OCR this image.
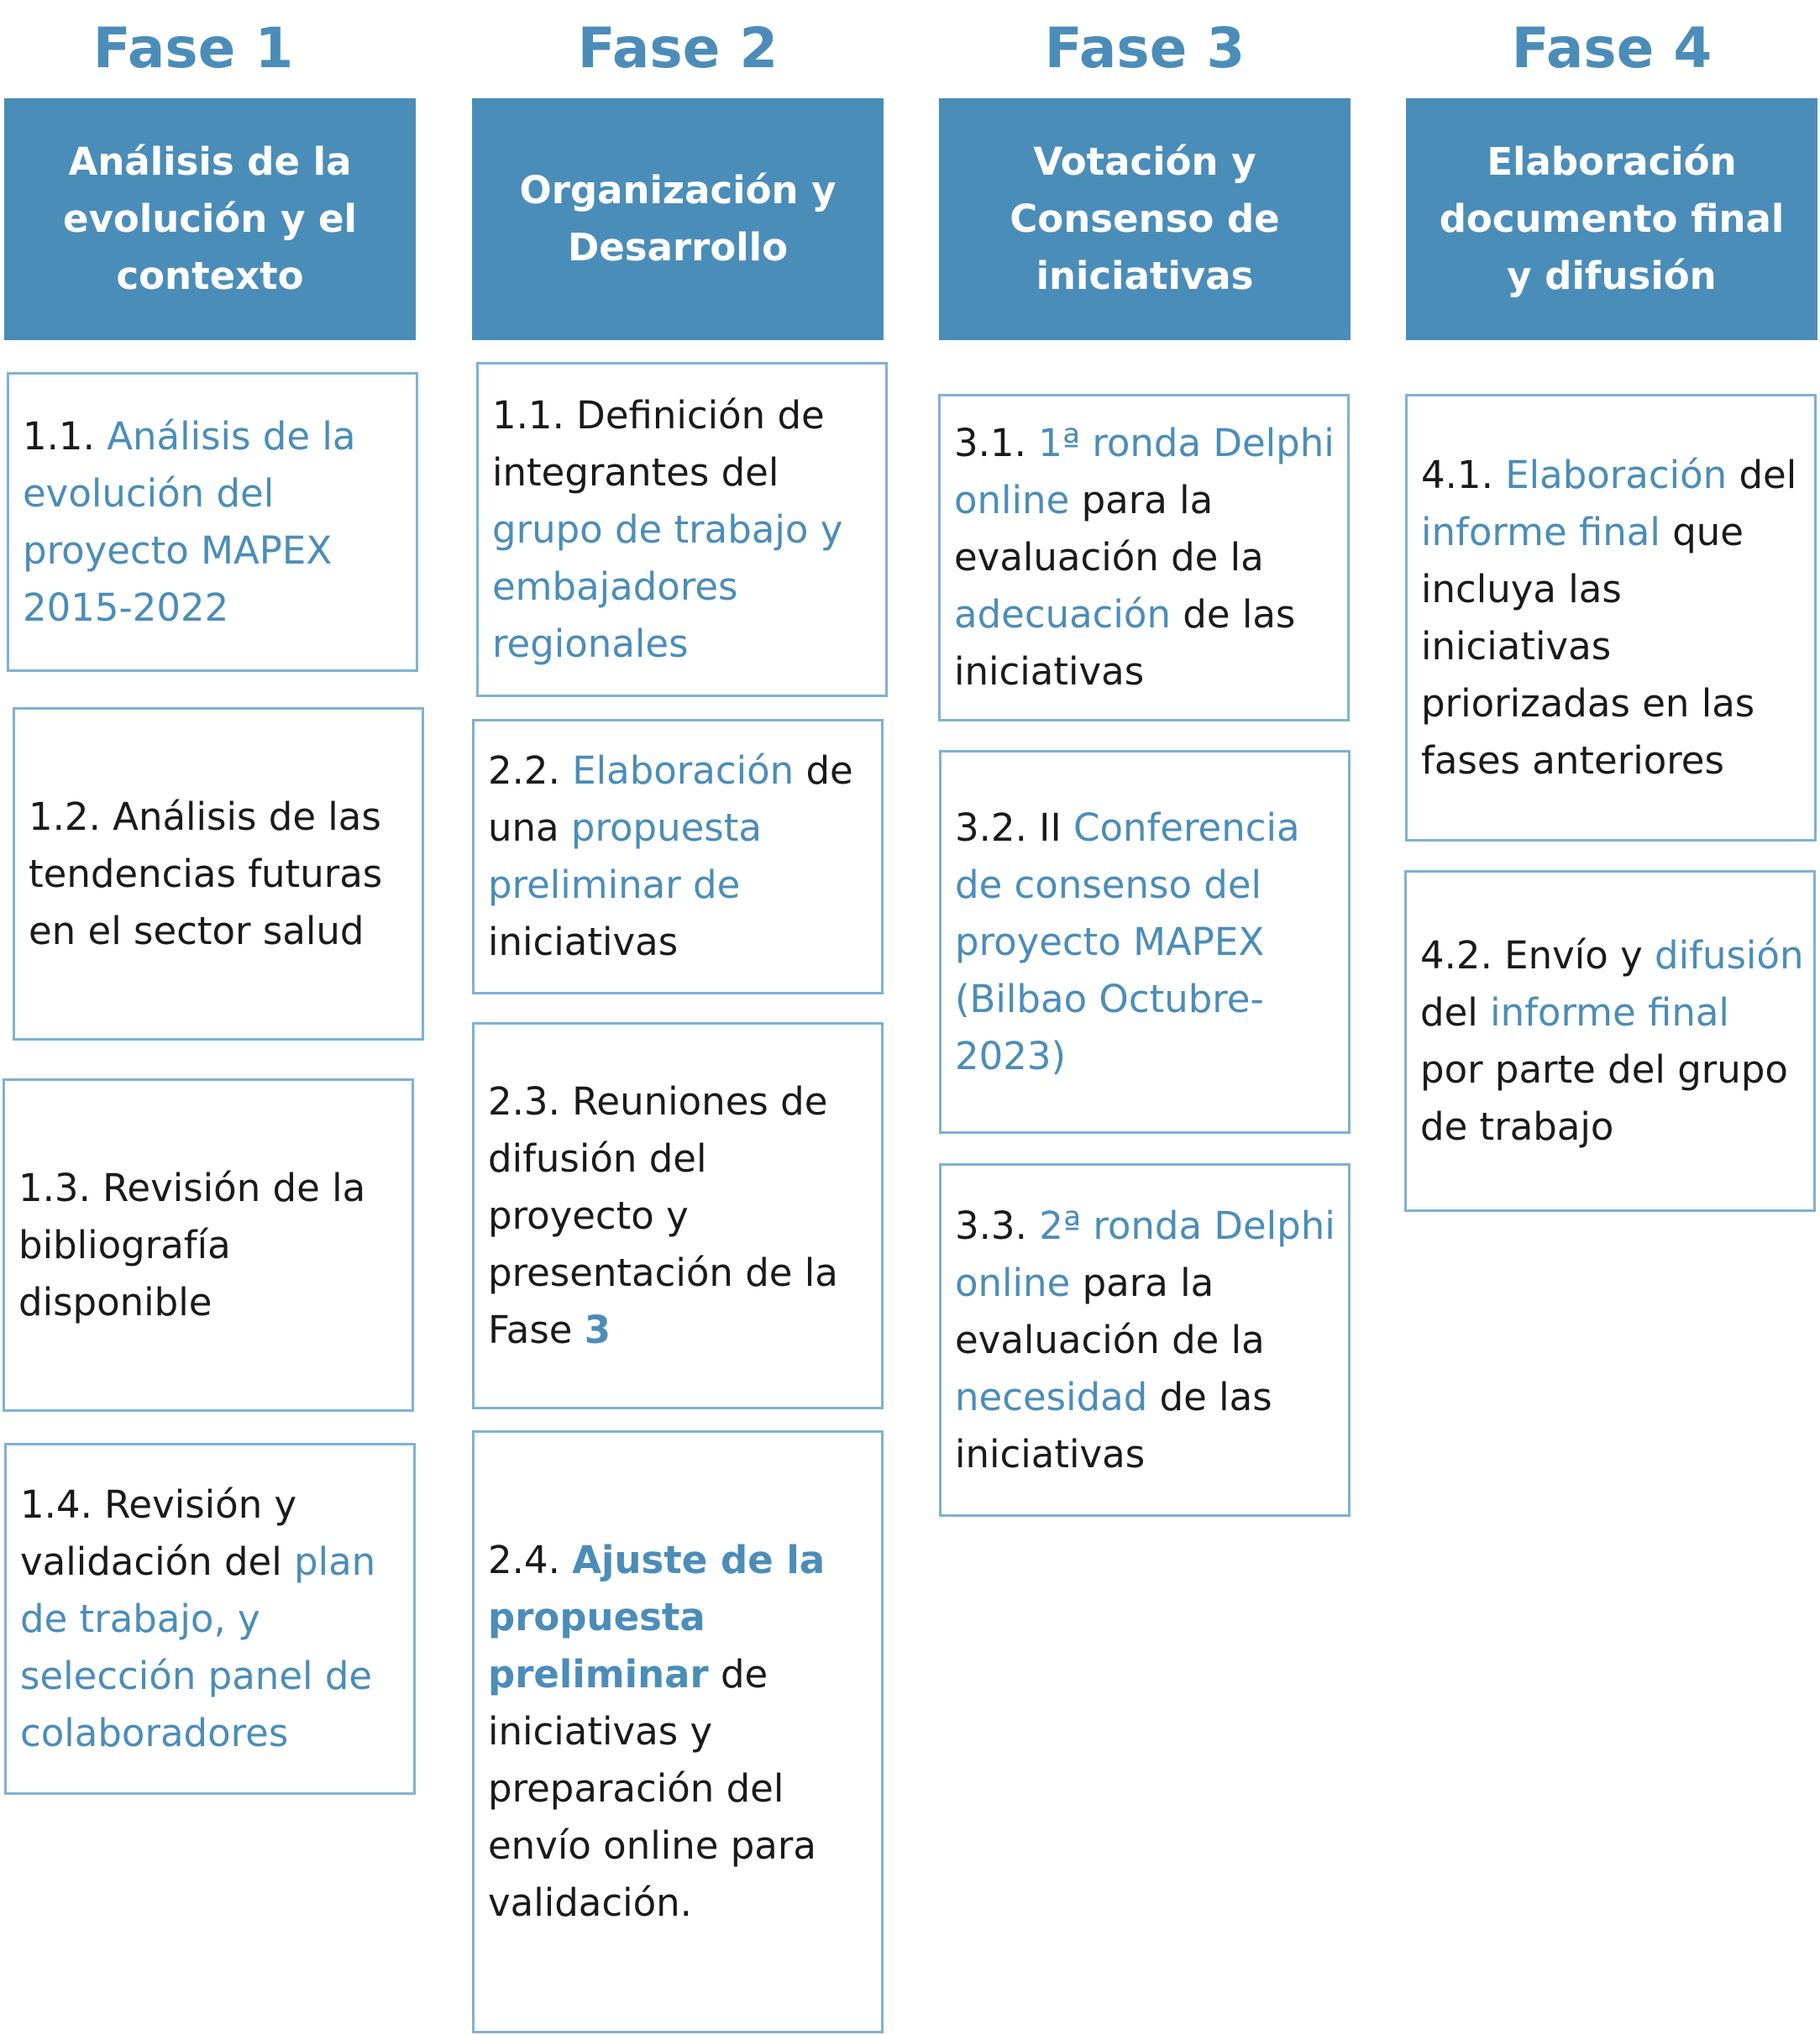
Fase 1
Análisis de la
evolución y el
contexto
1.1. Análisis de la
evolución del
proyecto MAPEX
2015-2022
1.2. Análisis de las
tendencias futuras
en el sector salud
1.3. Revisión de la
bibliografía
disponible
1.4. Revisión y
validación del plan
de trabajo, y
selección panel de
colaboradores
Fase 2
Organización y
Desarrollo
1.1. Definición de
integrantes del
grupo de trabajo y
embajadores
regionales
2.2. Elaboración de
una propuesta
preliminar de
iniciativas
2.3. Reuniones de
difusión del
proyecto y
presentación de la
Fase 3
2.4. Ajuste de la
propuesta
preliminar de
iniciativas y
preparación del
envío online para
validación.
Fase 3
Votación y
Consenso de
iniciativas
3.1. 1ª ronda Delphi
online para la
evaluación de la
adecuación de las
iniciativas
3.2. II Conferencia
de consenso del
proyecto MAPEX
(Bilbao Octubre-
2023)
3.3. 2ª ronda Delphi
online para la
evaluación de la
necesidad de las
iniciativas
Fase 4
Elaboración
documento final
y difusión
4.1. Elaboración del
informe final que
incluya las
iniciativas
priorizadas en las
fases anteriores
4.2. Envío y difusión
del informe final
por parte del grupo
de trabajo
